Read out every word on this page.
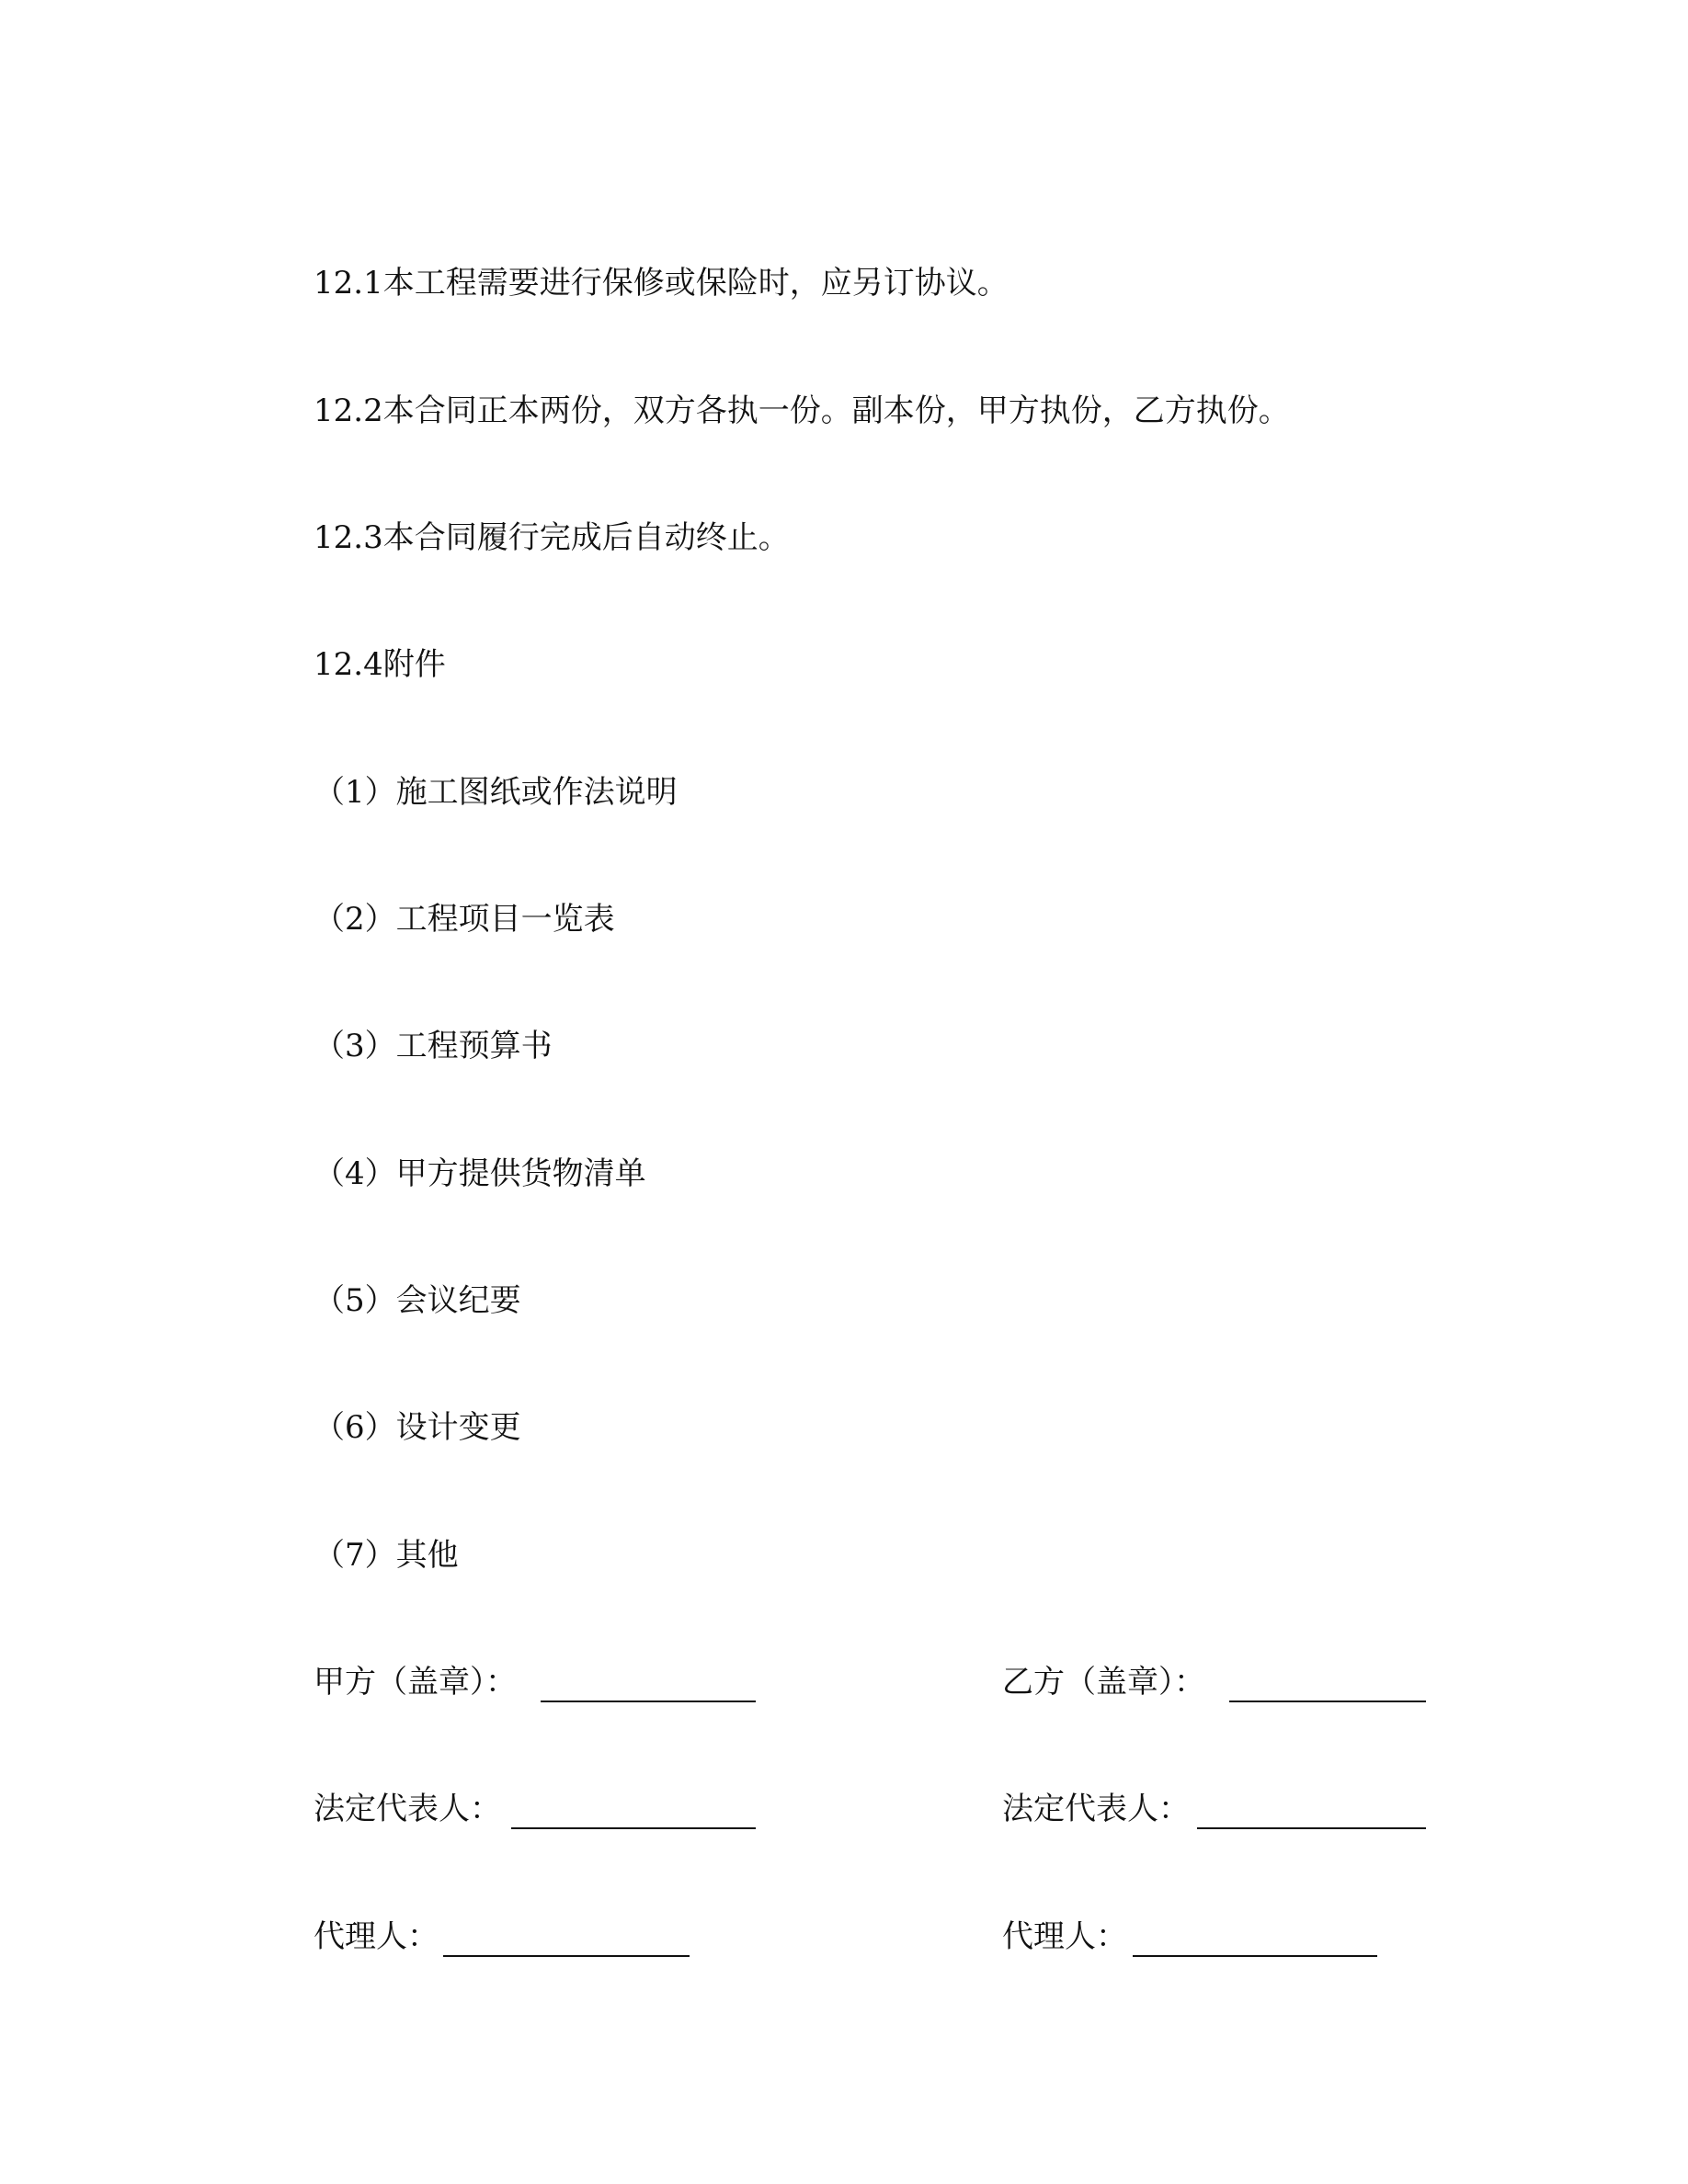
12.1本工程需要进行保修或保险时，应另订协议。
12.2本合同正本两份，双方各执一份。副本份，甲方执份，乙方执份。
12.3本合同履行完成后自动终止。
12.4附件
（1）施工图纸或作法说明
（2）工程项目一览表
（3）工程预算书
（4）甲方提供货物清单
（5）会议纪要
（6）设计变更
（7）其他
甲方（盖章）：
法定代表人：
代理人：
乙方（盖章）：
法定代表人：
代理人：
